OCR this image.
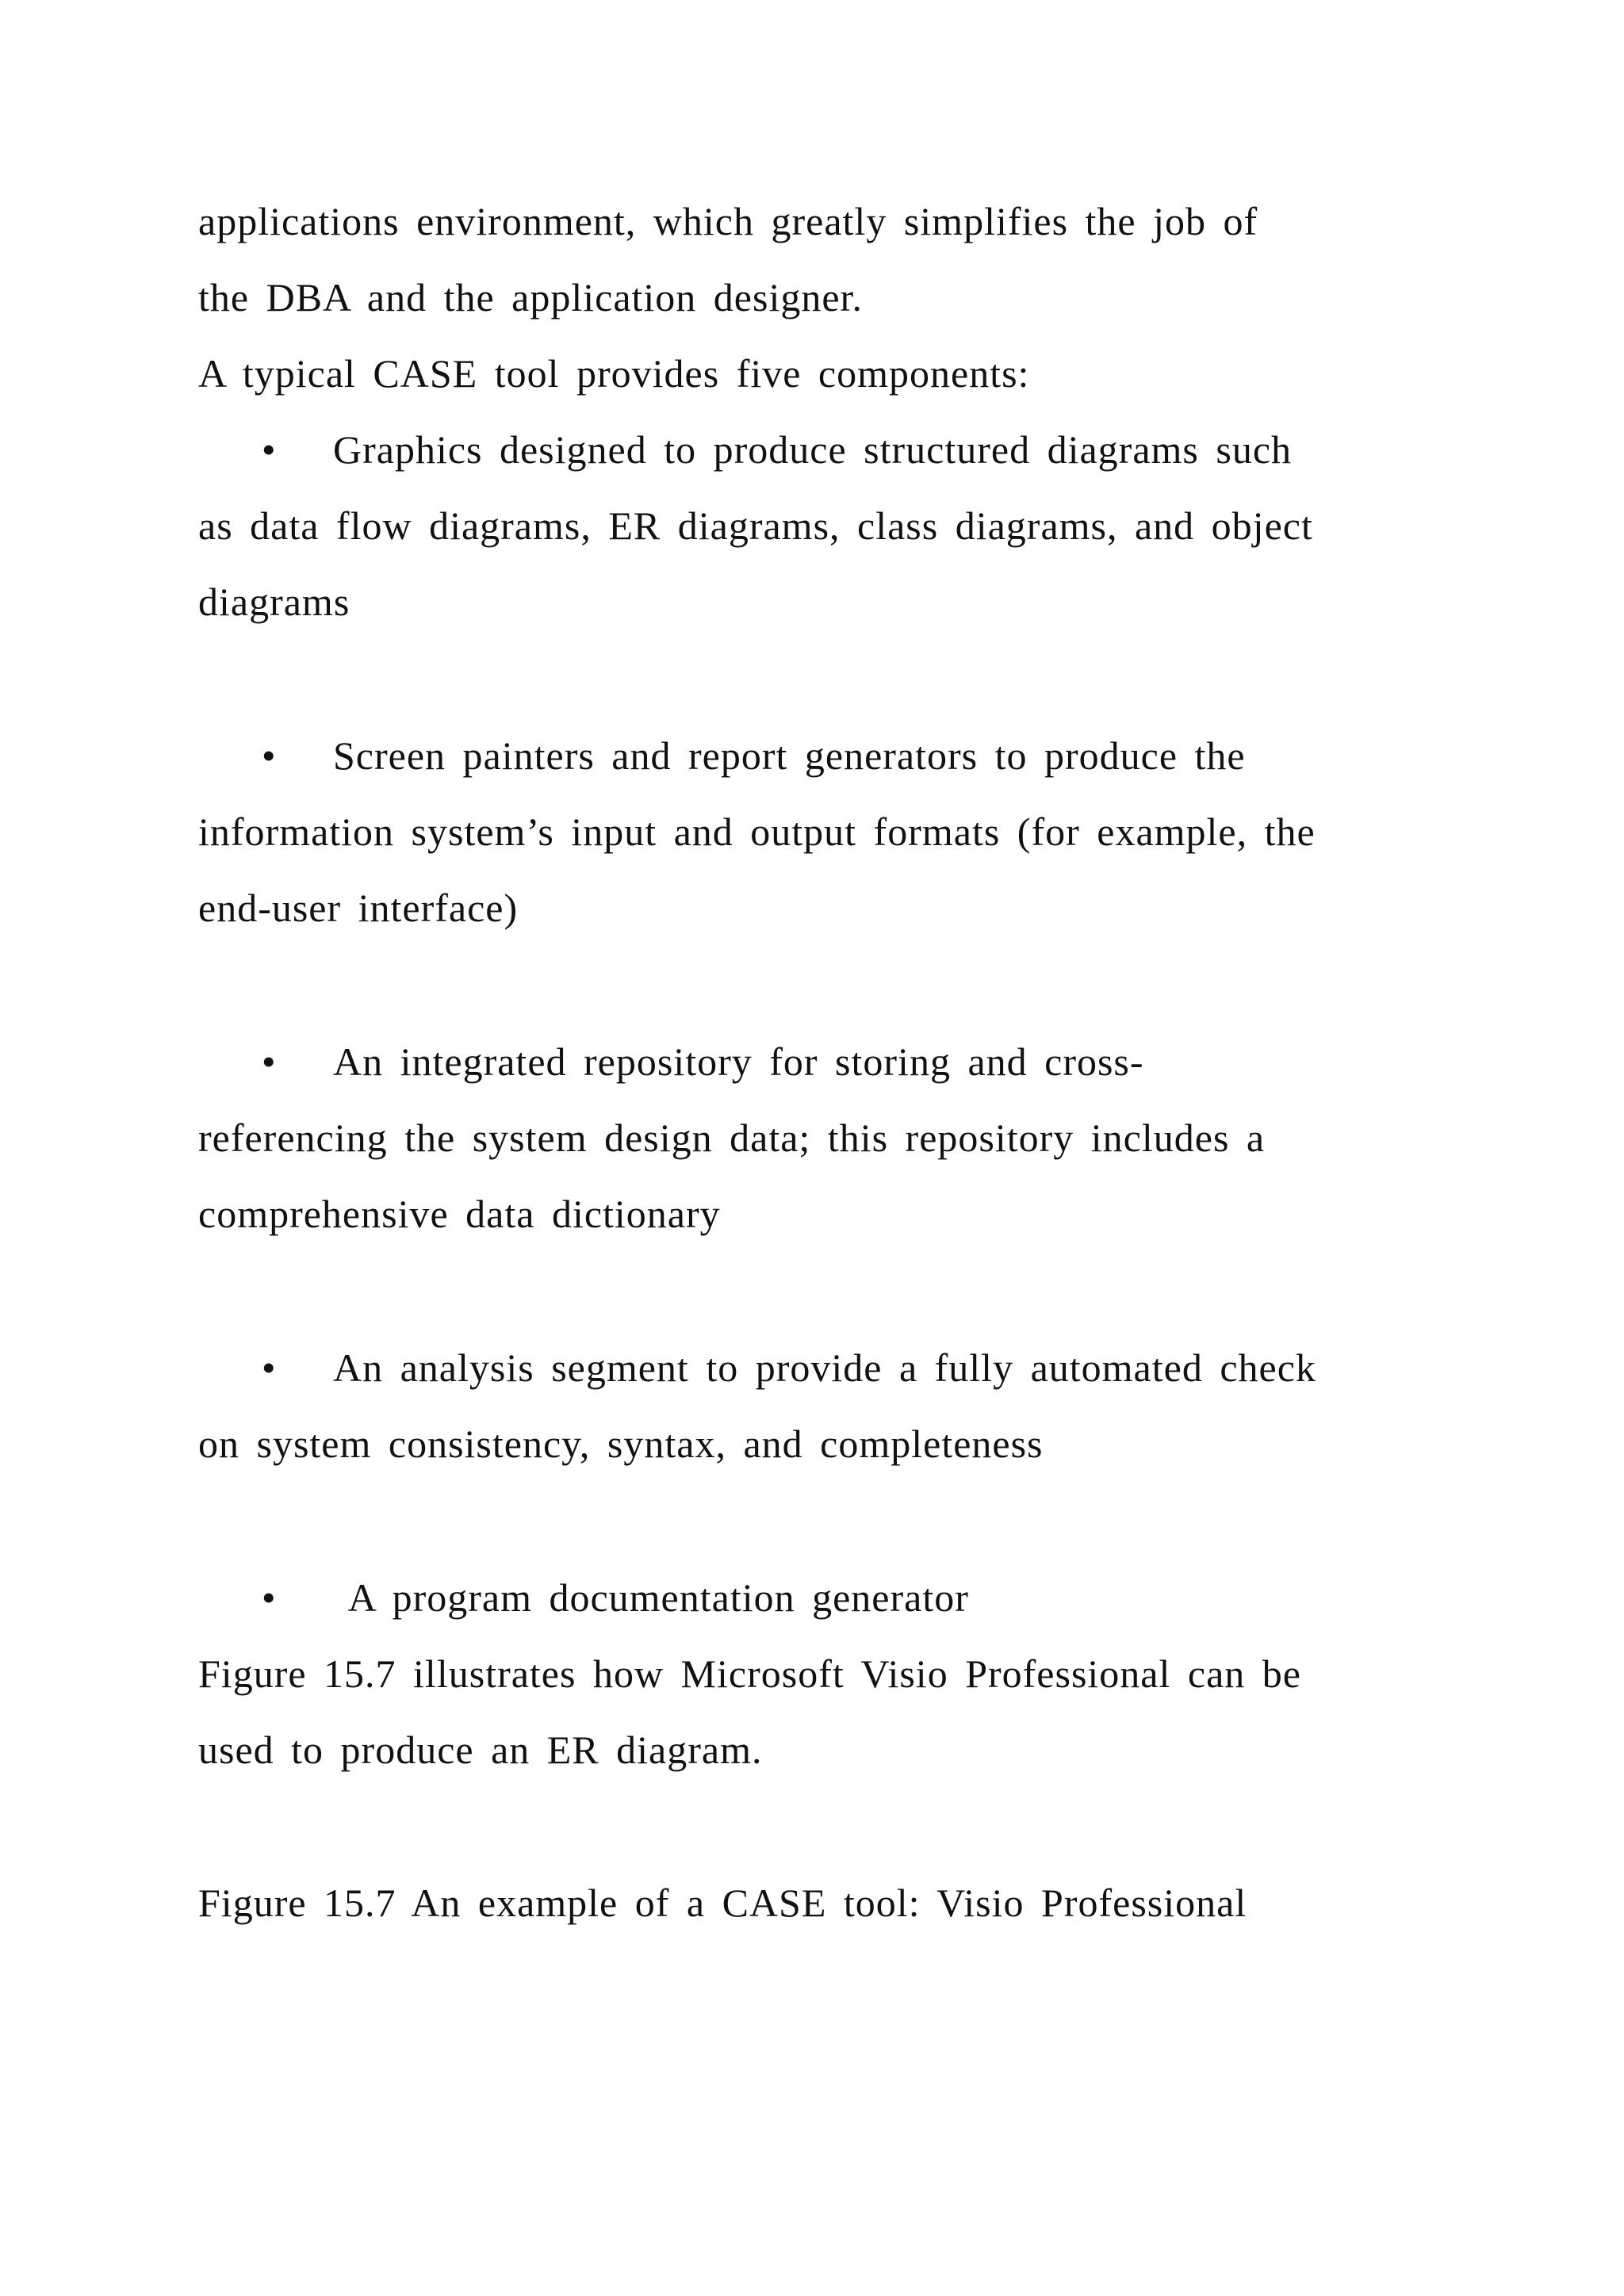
applications environment, which greatly simplifies the job of
the DBA and the application designer.
A typical CASE tool provides five components:
• Graphics designed to produce structured diagrams such
as data flow diagrams, ER diagrams, class diagrams, and object
diagrams
• Screen painters and report generators to produce the
information system’s input and output formats (for example, the
end-user interface)
• An integrated repository for storing and cross-
referencing the system design data; this repository includes a
comprehensive data dictionary
• An analysis segment to provide a fully automated check
on system consistency, syntax, and completeness
• A program documentation generator
Figure 15.7 illustrates how Microsoft Visio Professional can be
used to produce an ER diagram.
Figure 15.7 An example of a CASE tool: Visio Professional
